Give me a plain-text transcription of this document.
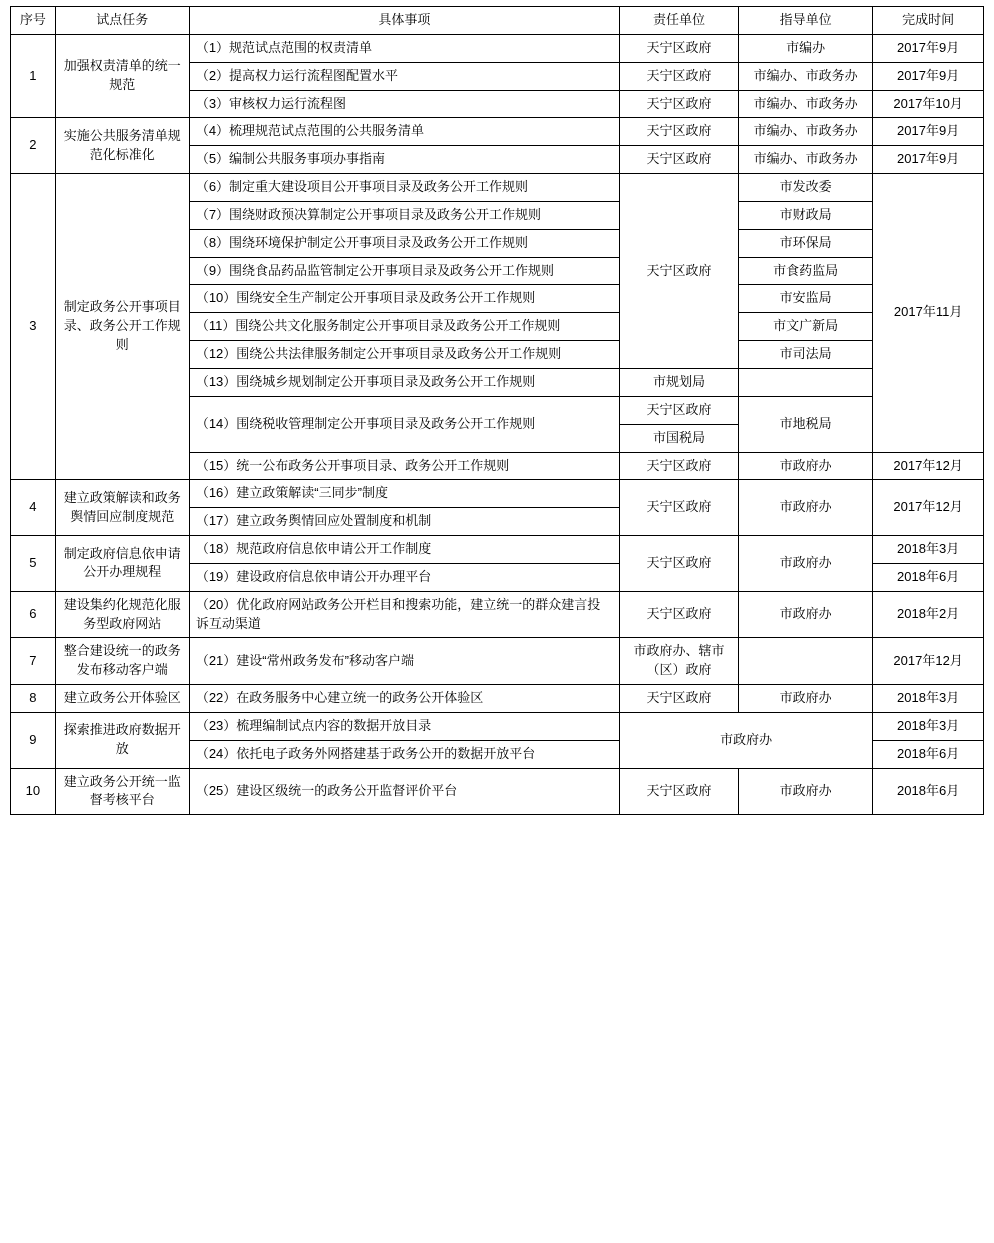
序号	试点任务	具体事项	责任单位	指导单位	完成时间
1	加强权责清单的统一规范	（1）规范试点范围的权责清单	天宁区政府	市编办	2017年9月
		（2）提高权力运行流程图配置水平	天宁区政府	市编办、市政务办	2017年9月
		（3）审核权力运行流程图	天宁区政府	市编办、市政务办	2017年10月
2	实施公共服务清单规范化标准化	（4）梳理规范试点范围的公共服务清单	天宁区政府	市编办、市政务办	2017年9月
		（5）编制公共服务事项办事指南	天宁区政府	市编办、市政务办	2017年9月
3	制定政务公开事项目录、政务公开工作规则	（6）制定重大建设项目公开事项目录及政务公开工作规则	天宁区政府	市发改委	2017年11月
		（7）围绕财政预决算制定公开事项目录及政务公开工作规则		市财政局	
		（8）围绕环境保护制定公开事项目录及政务公开工作规则		市环保局	
		（9）围绕食品药品监管制定公开事项目录及政务公开工作规则		市食药监局	
		（10）围绕安全生产制定公开事项目录及政务公开工作规则		市安监局	
		（11）围绕公共文化服务制定公开事项目录及政务公开工作规则		市文广新局	
		（12）围绕公共法律服务制定公开事项目录及政务公开工作规则		市司法局	
		（13）围绕城乡规划制定公开事项目录及政务公开工作规则	市规划局		
		（14）围绕税收管理制定公开事项目录及政务公开工作规则	天宁区政府	市地税局	
			市国税局		
		（15）统一公布政务公开事项目录、政务公开工作规则	天宁区政府	市政府办	2017年12月
4	建立政策解读和政务舆情回应制度规范	（16）建立政策解读“三同步”制度	天宁区政府	市政府办	2017年12月
		（17）建立政务舆情回应处置制度和机制			
5	制定政府信息依申请公开办理规程	（18）规范政府信息依申请公开工作制度	天宁区政府	市政府办	2018年3月
		（19）建设政府信息依申请公开办理平台			2018年6月
6	建设集约化规范化服务型政府网站	（20）优化政府网站政务公开栏目和搜索功能，建立统一的群众建言投诉互动渠道	天宁区政府	市政府办	2018年2月
7	整合建设统一的政务发布移动客户端	（21）建设“常州政务发布”移动客户端	市政府办、辖市（区）政府		2017年12月
8	建立政务公开体验区	（22）在政务服务中心建立统一的政务公开体验区	天宁区政府	市政府办	2018年3月
9	探索推进政府数据开放	（23）梳理编制试点内容的数据开放目录	市政府办		2018年3月
		（24）依托电子政务外网搭建基于政务公开的数据开放平台			2018年6月
10	建立政务公开统一监督考核平台	（25）建设区级统一的政务公开监督评价平台	天宁区政府	市政府办	2018年6月
